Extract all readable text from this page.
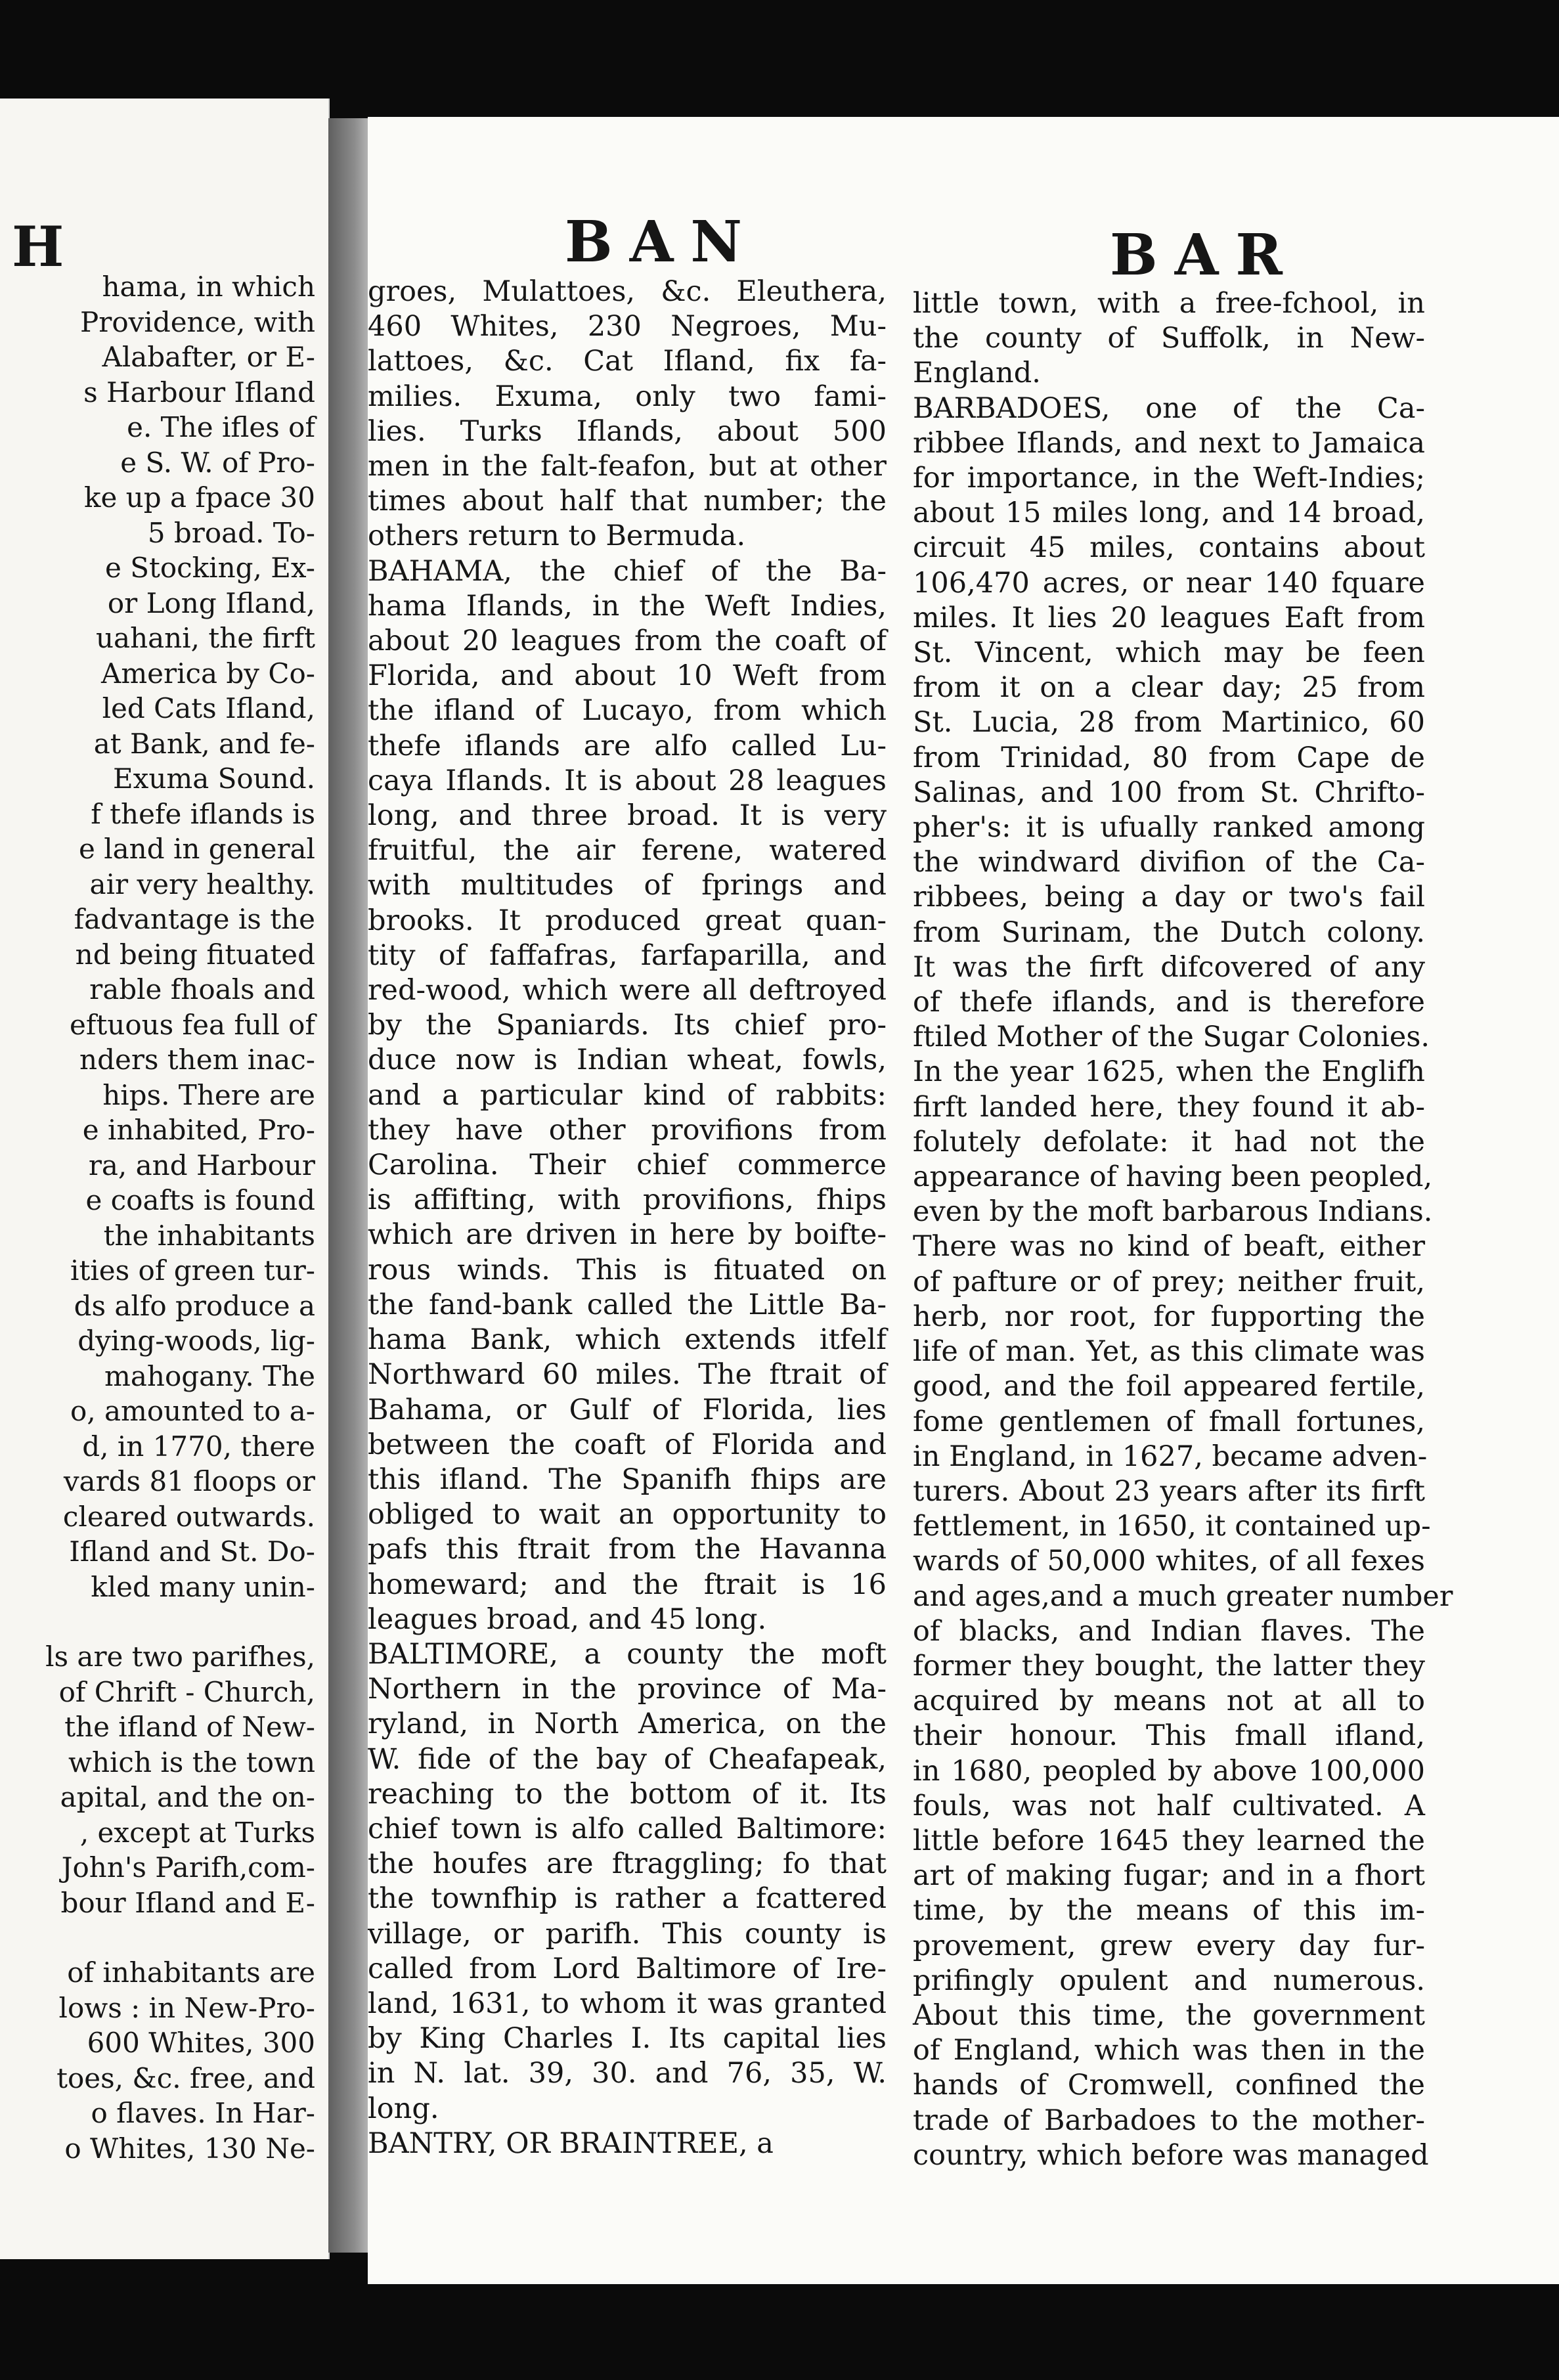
H
hama, in which
Providence, with
Alabafter, or E-
s Harbour Ifland
e. The ifles of
e S. W. of Pro-
ke up a fpace 30
5 broad. To-
e Stocking, Ex-
or Long Ifland,
uahani, the firft
America by Co-
led Cats Ifland,
at Bank, and fe-
Exuma Sound.
f thefe iflands is
e land in general
air very healthy.
fadvantage is the
nd being fituated
rable fhoals and
eftuous fea full of
nders them inac-
hips. There are
e inhabited, Pro-
ra, and Harbour
e coafts is found
the inhabitants
ities of green tur-
ds alfo produce a
dying-woods, lig-
mahogany. The
o, amounted to a-
d, in 1770, there
vards 81 floops or
cleared outwards.
Ifland and St. Do-
kled many unin-
ls are two parifhes,
of Chrift - Church,
the ifland of New-
which is the town
apital, and the on-
, except at Turks
John's Parifh,com-
bour Ifland and E-
of inhabitants are
lows : in New-Pro-
600 Whites, 300
toes, &c. free, and
o flaves. In Har-
o Whites, 130 Ne-
BAN	BAR
groes, Mulattoes, &c. Eleuthera,
460 Whites, 230 Negroes, Mu-
lattoes, &c. Cat Ifland, fix fa-
milies. Exuma, only two fami-
lies. Turks Iflands, about 500
men in the falt-feafon, but at other
times about half that number; the
others return to Bermuda.
BAHAMA, the chief of the Ba-
hama Iflands, in the Weft Indies,
about 20 leagues from the coaft of
Florida, and about 10 Weft from
the ifland of Lucayo, from which
thefe iflands are alfo called Lu-
caya Iflands. It is about 28 leagues
long, and three broad. It is very
fruitful, the air ferene, watered
with multitudes of fprings and
brooks. It produced great quan-
tity of faffafras, farfaparilla, and
red-wood, which were all deftroyed
by the Spaniards. Its chief pro-
duce now is Indian wheat, fowls,
and a particular kind of rabbits:
they have other provifions from
Carolina. Their chief commerce
is affifting, with provifions, fhips
which are driven in here by boifte-
rous winds. This is fituated on
the fand-bank called the Little Ba-
hama Bank, which extends itfelf
Northward 60 miles. The ftrait of
Bahama, or Gulf of Florida, lies
between the coaft of Florida and
this ifland. The Spanifh fhips are
obliged to wait an opportunity to
pafs this ftrait from the Havanna
homeward; and the ftrait is 16
leagues broad, and 45 long.
BALTIMORE, a county the moft
Northern in the province of Ma-
ryland, in North America, on the
W. fide of the bay of Cheafapeak,
reaching to the bottom of it. Its
chief town is alfo called Baltimore:
the houfes are ftraggling; fo that
the townfhip is rather a fcattered
village, or parifh. This county is
called from Lord Baltimore of Ire-
land, 1631, to whom it was granted
by King Charles I. Its capital lies
in N. lat. 39, 30. and 76, 35, W.
long.
BANTRY, OR BRAINTREE, a
little town, with a free-fchool, in
the county of Suffolk, in New-
England.
BARBADOES, one of the Ca-
ribbee Iflands, and next to Jamaica
for importance, in the Weft-Indies;
about 15 miles long, and 14 broad,
circuit 45 miles, contains about
106,470 acres, or near 140 fquare
miles. It lies 20 leagues Eaft from
St. Vincent, which may be feen
from it on a clear day; 25 from
St. Lucia, 28 from Martinico, 60
from Trinidad, 80 from Cape de
Salinas, and 100 from St. Chrifto-
pher's: it is ufually ranked among
the windward divifion of the Ca-
ribbees, being a day or two's fail
from Surinam, the Dutch colony.
It was the firft difcovered of any
of thefe iflands, and is therefore
ftiled Mother of the Sugar Colonies.
In the year 1625, when the Englifh
firft landed here, they found it ab-
folutely defolate: it had not the
appearance of having been peopled,
even by the moft barbarous Indians.
There was no kind of beaft, either
of pafture or of prey; neither fruit,
herb, nor root, for fupporting the
life of man. Yet, as this climate was
good, and the foil appeared fertile,
fome gentlemen of fmall fortunes,
in England, in 1627, became adven-
turers. About 23 years after its firft
fettlement, in 1650, it contained up-
wards of 50,000 whites, of all fexes
and ages,and a much greater number
of blacks, and Indian flaves. The
former they bought, the latter they
acquired by means not at all to
their honour. This fmall ifland,
in 1680, peopled by above 100,000
fouls, was not half cultivated. A
little before 1645 they learned the
art of making fugar; and in a fhort
time, by the means of this im-
provement, grew every day fur-
prifingly opulent and numerous.
About this time, the government
of England, which was then in the
hands of Cromwell, confined the
trade of Barbadoes to the mother-
country, which before was managed
